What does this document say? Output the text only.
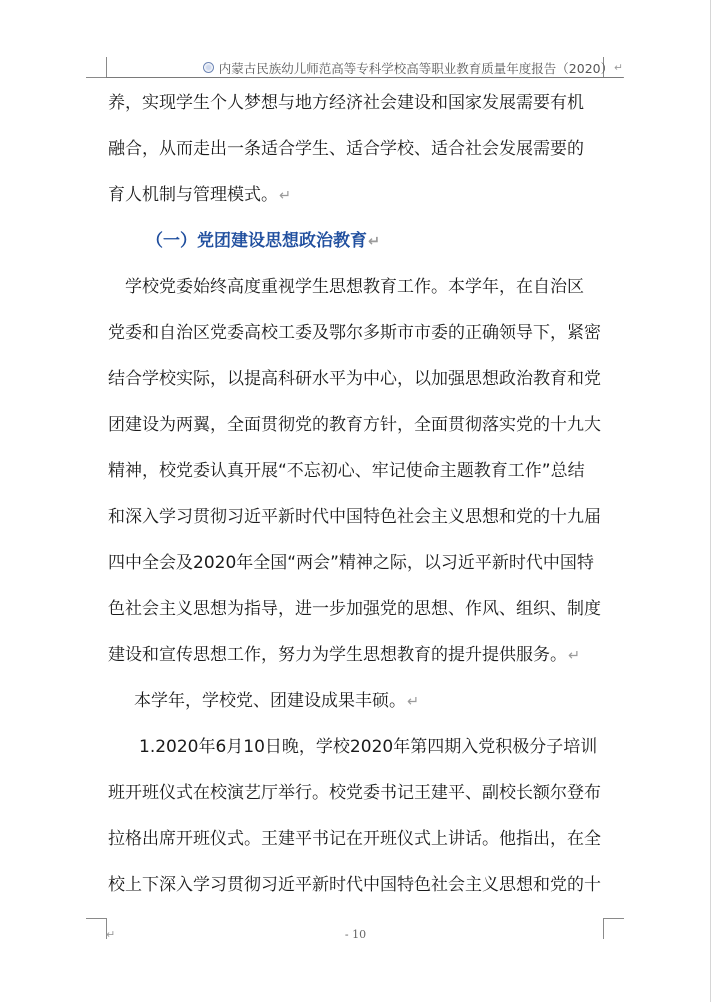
内蒙古民族幼儿师范高等专科学校高等职业教育质量年度报告（2020） ↵
养，实现学生个人梦想与地方经济社会建设和国家发展需要有机
融合，从而走出一条适合学生、适合学校、适合社会发展需要的
育人机制与管理模式。↵
（一）党团建设思想政治教育↵
学校党委始终高度重视学生思想教育工作。本学年，在自治区
党委和自治区党委高校工委及鄂尔多斯市市委的正确领导下，紧密
结合学校实际，以提高科研水平为中心，以加强思想政治教育和党
团建设为两翼，全面贯彻党的教育方针，全面贯彻落实党的十九大
精神，校党委认真开展“不忘初心、牢记使命主题教育工作”总结
和深入学习贯彻习近平新时代中国特色社会主义思想和党的十九届
四中全会及2020年全国“两会”精神之际，以习近平新时代中国特
色社会主义思想为指导，进一步加强党的思想、作风、组织、制度
建设和宣传思想工作，努力为学生思想教育的提升提供服务。↵
本学年，学校党、团建设成果丰硕。↵
1.2020年6月10日晚，学校2020年第四期入党积极分子培训
班开班仪式在校演艺厅举行。校党委书记王建平、副校长额尔登布
拉格出席开班仪式。王建平书记在开班仪式上讲话。他指出，在全
校上下深入学习贯彻习近平新时代中国特色社会主义思想和党的十
↵	- 10
